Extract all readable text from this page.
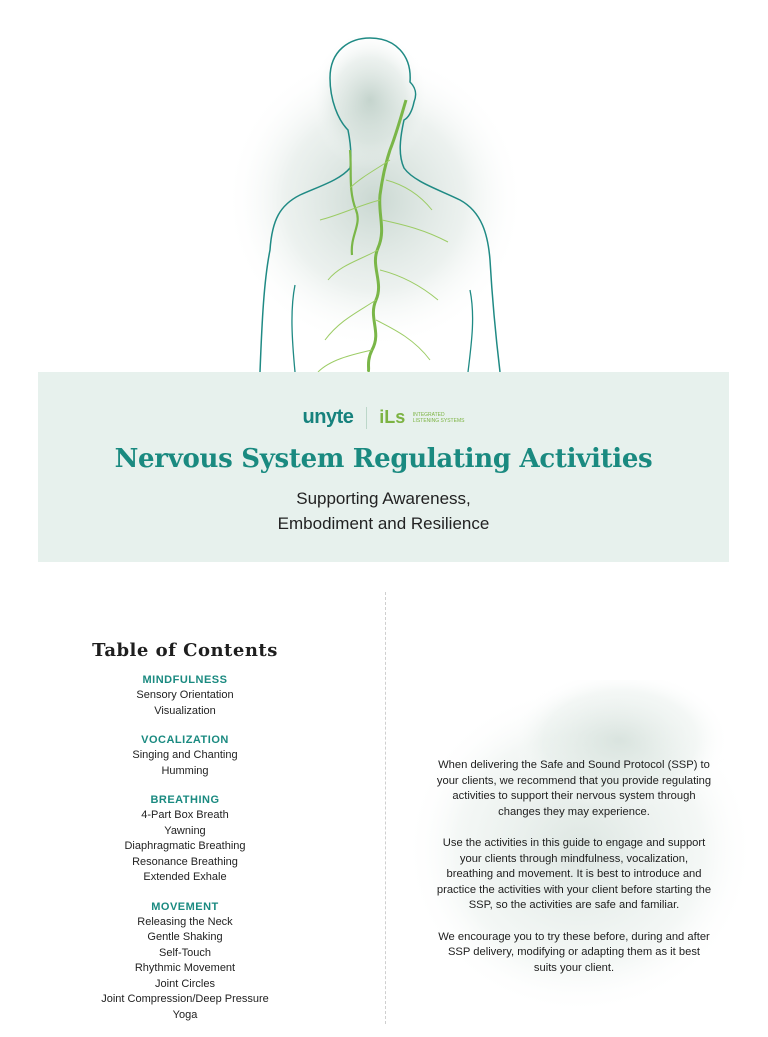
unyte iLs INTEGRATED
LISTENING SYSTEMS
Nervous System Regulating Activities
Supporting Awareness,
Embodiment and Resilience
Table of Contents
MINDFULNESS
Sensory Orientation
Visualization
VOCALIZATION
Singing and Chanting
Humming
BREATHING
4-Part Box Breath
Yawning
Diaphragmatic Breathing
Resonance Breathing
Extended Exhale
MOVEMENT
Releasing the Neck
Gentle Shaking
Self-Touch
Rhythmic Movement
Joint Circles
Joint Compression/Deep Pressure
Yoga

When delivering the Safe and Sound Protocol (SSP) to your clients, we recommend that you provide regulating activities to support their nervous system through changes they may experience.

Use the activities in this guide to engage and support your clients through mindfulness, vocalization, breathing and movement. It is best to introduce and practice the activities with your client before starting the SSP, so the activities are safe and familiar.

We encourage you to try these before, during and after SSP delivery, modifying or adapting them as it best suits your client.
